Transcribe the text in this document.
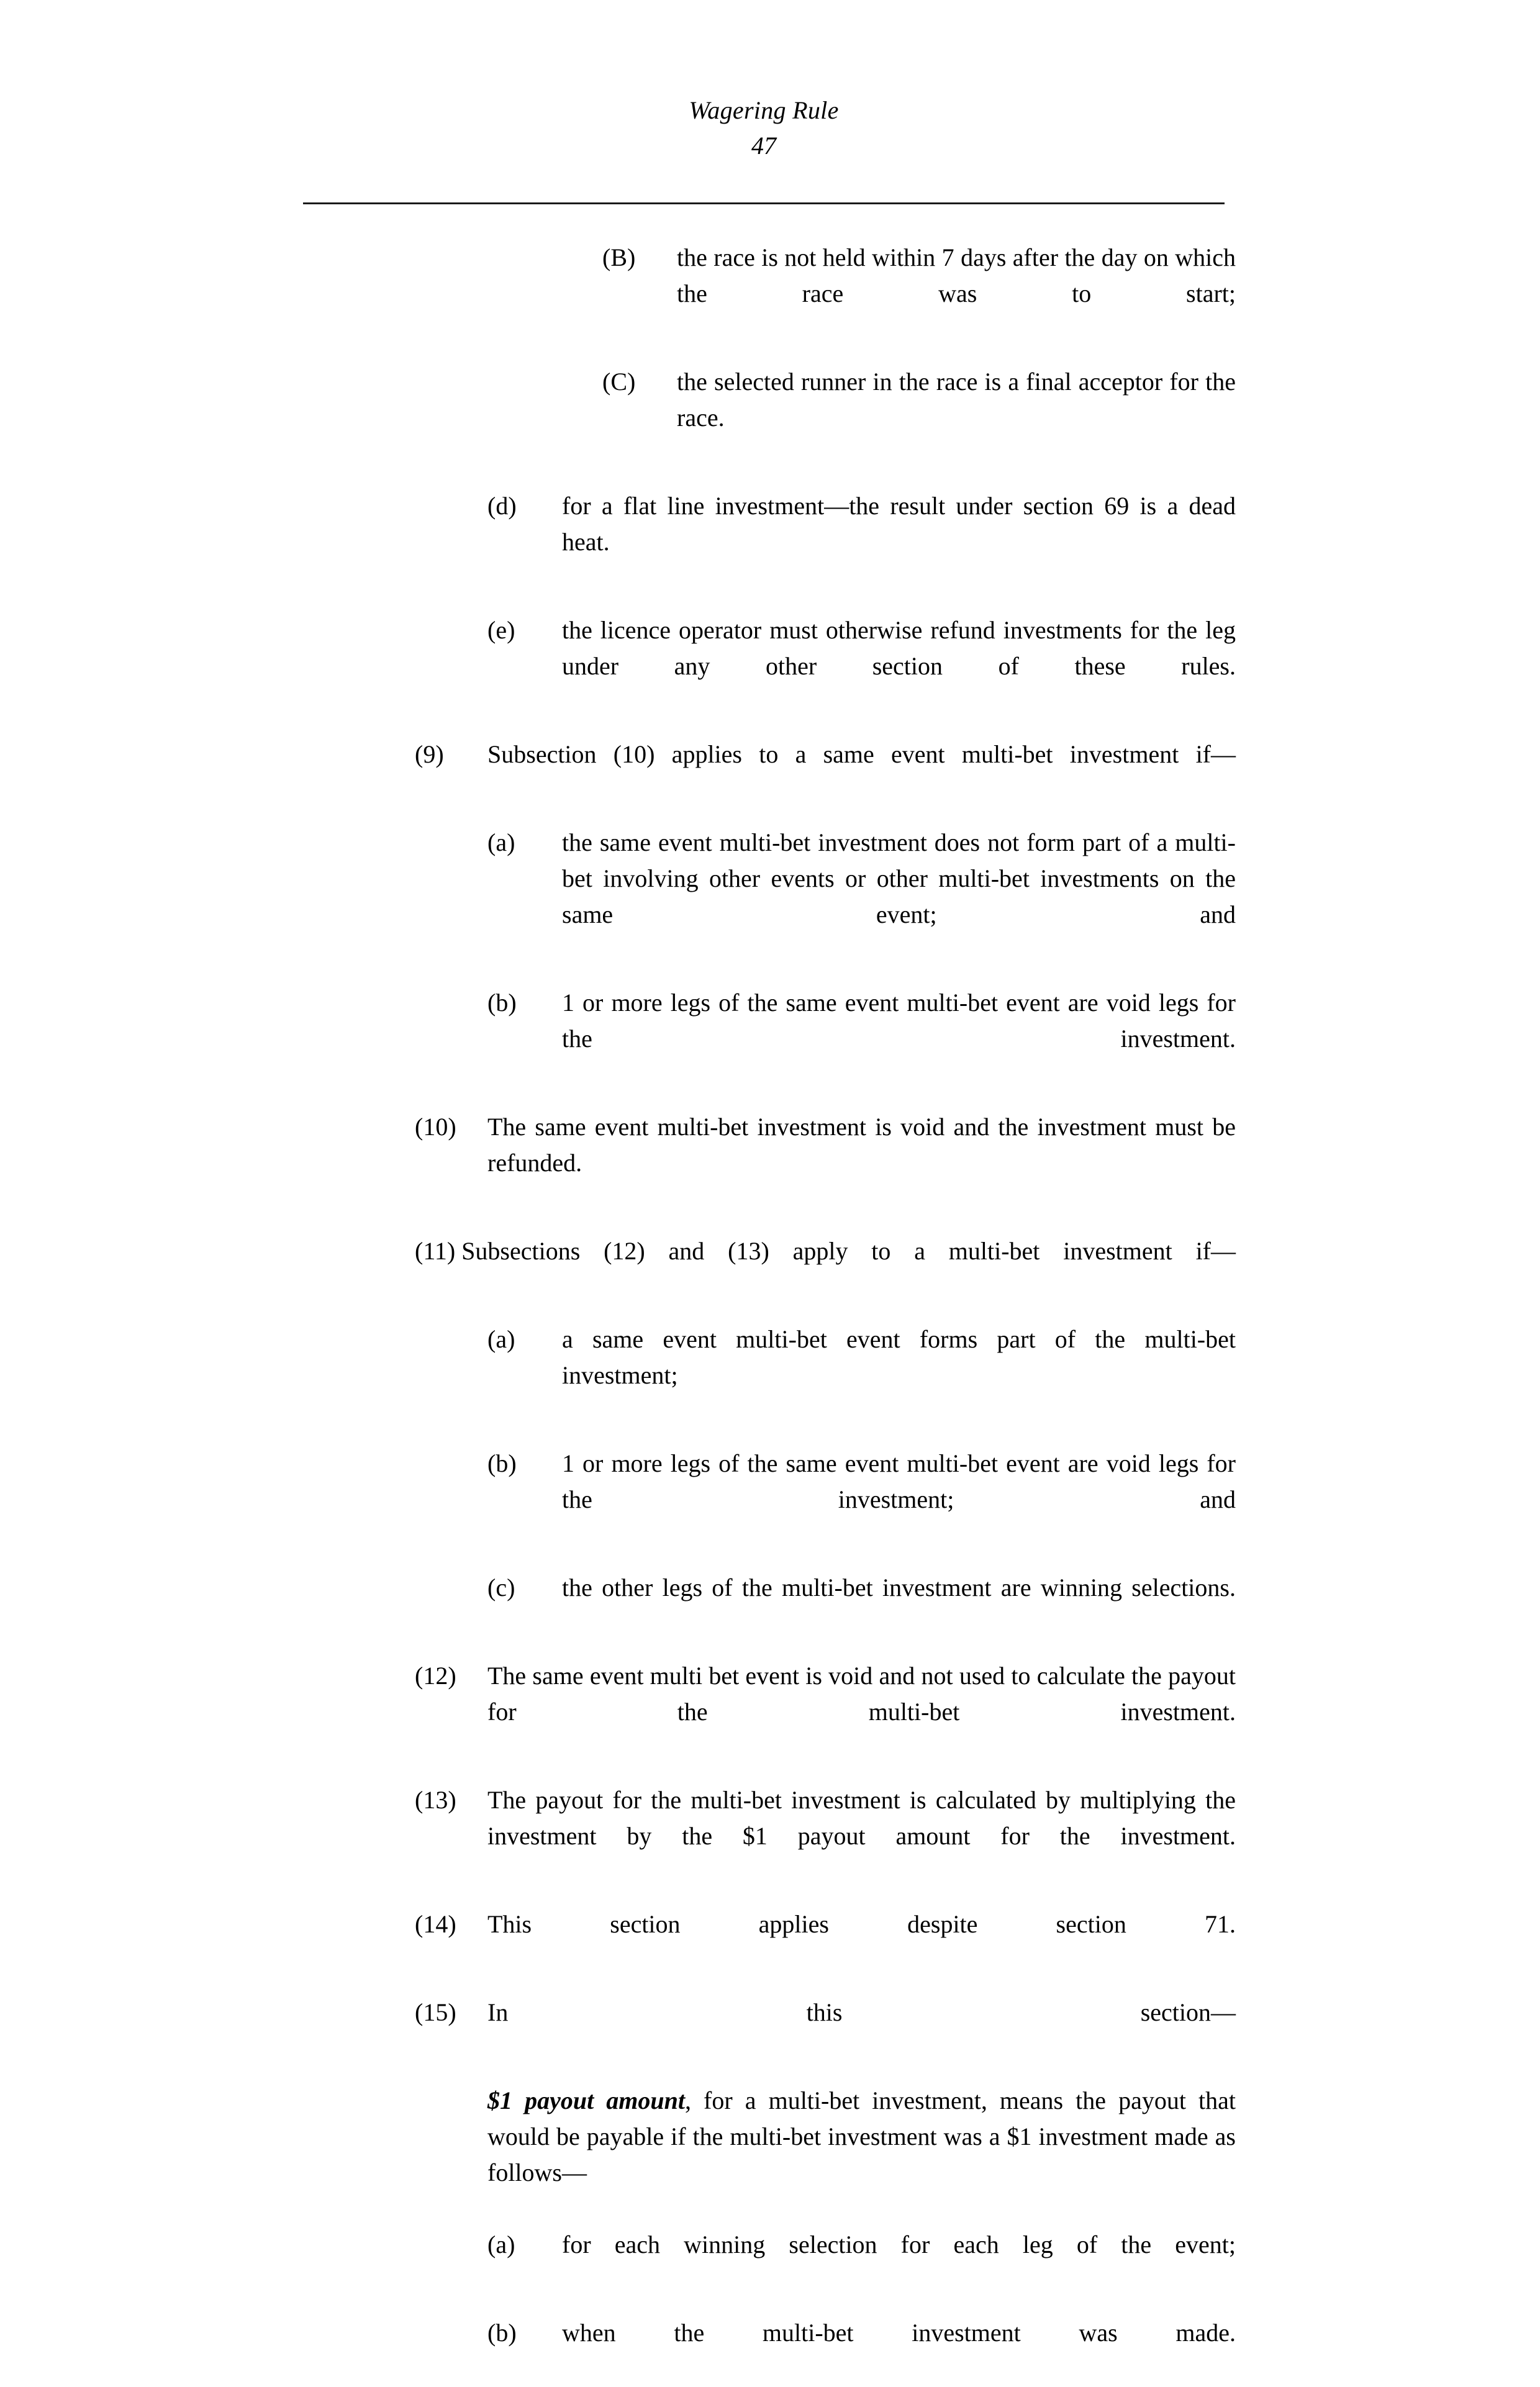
Wagering Rule
47
(B)	the race is not held within 7 days after the day on which the race was to start;
(C)	the selected runner in the race is a final acceptor for the race.
(d)	for a flat line investment—the result under section 69 is a dead heat.
(e)	the licence operator must otherwise refund investments for the leg under any other section of these rules.
(9)	Subsection (10) applies to a same event multi-bet investment if—
(a)	the same event multi-bet investment does not form part of a multi-bet involving other events or other multi-bet investments on the same event; and
(b)	1 or more legs of the same event multi-bet event are void legs for the investment.
(10)	The same event multi-bet investment is void and the investment must be refunded.
(11) Subsections (12) and (13) apply to a multi-bet investment if—
(a)	a same event multi-bet event forms part of the multi-bet investment;
(b)	1 or more legs of the same event multi-bet event are void legs for the investment; and
(c)	the other legs of the multi-bet investment are winning selections.
(12)	The same event multi bet event is void and not used to calculate the payout for the multi-bet investment.
(13)	The payout for the multi-bet investment is calculated by multiplying the investment by the $1 payout amount for the investment.
(14)	This section applies despite section 71.
(15)	In this section—
$1 payout amount, for a multi-bet investment, means the payout that would be payable if the multi-bet investment was a $1 investment made as follows—
(a)	for each winning selection for each leg of the event;
(b)	when the multi-bet investment was made.
